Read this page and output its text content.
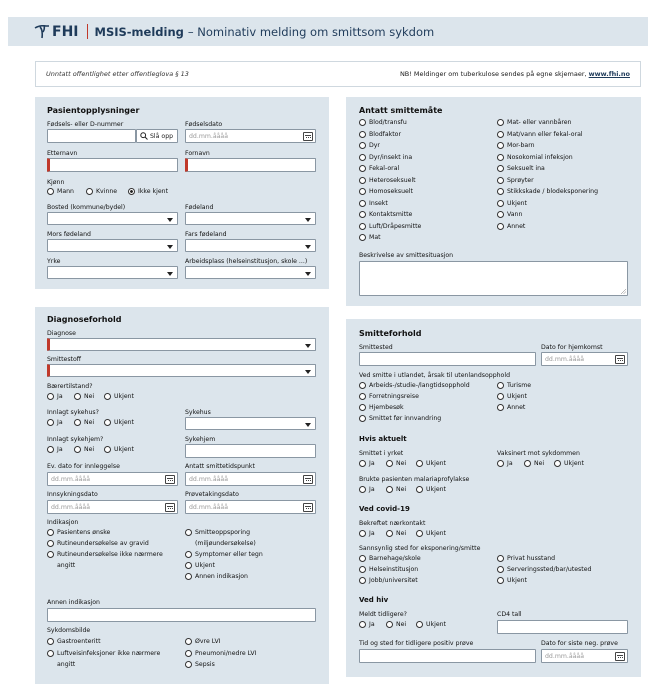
FHI MSIS-melding – Nominativ melding om smittsom sykdom
Unntatt offentlighet etter offentleglova § 13	NB! Meldinger om tuberkulose sendes på egne skjemaer, www.fhi.no
Pasientopplysninger
Fødsels- eller D-nummer
Slå opp
Fødselsdato
dd.mm.åååå
Etternavn	Fornavn
Kjønn
Mann	Kvinne	Ikke kjent
Bosted (kommune/bydel)	Fødeland
Mors fødeland	Fars fødeland
Yrke	Arbeidsplass (helseinstitusjon, skole ...)
Antatt smittemåte
Blod/transfu
Blodfaktor
Dyr
Dyr/insekt ina
Fekal-oral
Heteroseksuelt
Homoseksuelt
Insekt
Kontaktsmitte
Luft/Dråpesmitte
Mat
Mat- eller vannbåren
Mat/vann eller fekal-oral
Mor-barn
Nosokomial infeksjon
Seksuelt ina
Sprøyter
Stikkskade / blodeksponering
Ukjent
Vann
Annet
Beskrivelse av smittesituasjon
Diagnoseforhold
Diagnose
Smittestoff
Bærertilstand?
Ja	Nei	Ukjent
Innlagt sykehus?
Ja	Nei	Ukjent
Sykehus
Innlagt sykehjem?
Ja	Nei	Ukjent
Sykehjem
Ev. dato for innleggelse
dd.mm.åååå
Antatt smittetidspunkt
dd.mm.åååå
Innsykningsdato
dd.mm.åååå
Prøvetakingsdato
dd.mm.åååå
Indikasjon
Pasientens ønske
Rutineundersøkelse av gravid
Rutineundersøkelse ikke nærmere
angitt
Smitteoppsporing
(miljøundersøkelse)
Symptomer eller tegn
Ukjent
Annen indikasjon
Annen indikasjon
Sykdomsbilde
Gastroenteritt
Luftveisinfeksjoner ikke nærmere
angitt
Øvre LVI
Pneumoni/nedre LVI
Sepsis
Smitteforhold
Smittested	Dato for hjemkomst
dd.mm.åååå
Ved smitte i utlandet, årsak til utenlandsopphold
Arbeids-/studie-/langtidsopphold
Forretningsreise
Hjembesøk
Smittet før innvandring
Turisme
Ukjent
Annet
Hvis aktuelt
Smittet i yrket
Ja	Nei	Ukjent
Vaksinert mot sykdommen
Ja	Nei	Ukjent
Brukte pasienten malariaprofylakse
Ja	Nei	Ukjent
Ved covid-19
Bekreftet nærkontakt
Ja	Nei	Ukjent
Sannsynlig sted for eksponering/smitte
Barnehage/skole
Helseinstitusjon
Jobb/universitet
Privat husstand
Serveringssted/bar/utested
Ukjent
Ved hiv
Meldt tidligere?
Ja	Nei	Ukjent
CD4 tall
Tid og sted for tidligere positiv prøve	Dato for siste neg. prøve
dd.mm.åååå
